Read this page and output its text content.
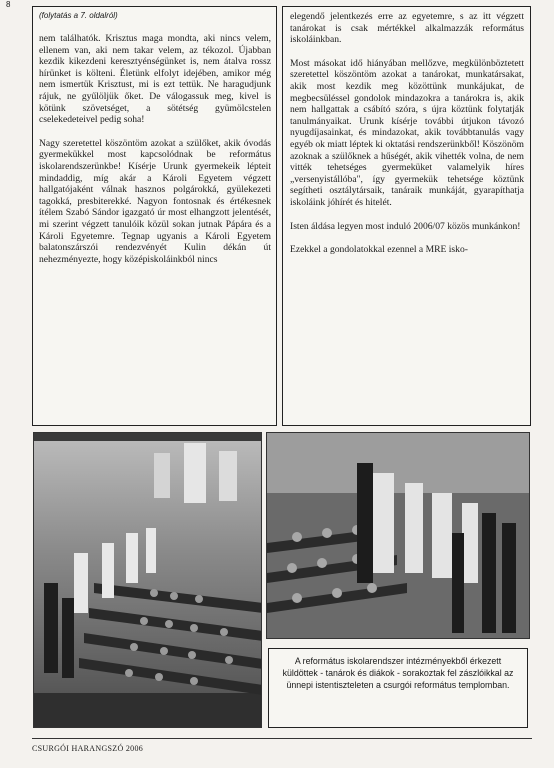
8
(folytatás a 7. oldalról)

nem találhatók. Krisztus maga mondta, aki nincs velem, ellenem van, aki nem takar velem, az tékozol. Újabban kezdik kikezdeni keresztyénségünket is, nem átalva rossz hírünket is költeni. Életünk elfolyt idejében, amikor még nem ismertük Krisztust, mi is ezt tettük. Ne haragudjunk rájuk, ne gyűlöljük őket. De válogassuk meg, kivel is kötünk szövetséget, a sötétség gyümölcstelen cselekedeteivel pedig soha!

Nagy szeretettel köszöntöm azokat a szülőket, akik óvodás gyermekükkel most kapcsolódnak be református iskolarendszerünkbe! Kísérje Urunk gyermekeik lépteit mindaddig, míg akár a Károli Egyetem végzett hallgatójaként válnak hasznos polgárokká, gyülekezeti tagokká, presbiterekké. Nagyon fontosnak és értékesnek ítélem Szabó Sándor igazgató úr most elhangzott jelentését, mi szerint végzett tanulóik közül sokan jutnak Pápára és a Károli Egyetemre. Tegnap ugyanis a Károli Egyetem balatonszárszói rendezvényét Kulin dékán út nehezményezte, hogy középiskoláinkból nincs

elegendő jelentkezés erre az egyetemre, s az itt végzett tanárokat is csak mértékkel alkalmazzák református iskoláinkban.

Most másokat idő hiányában mellőzve, megkülönböztetett szeretettel köszöntöm azokat a tanárokat, munkatársakat, akik most kezdik meg közöttünk munkájukat, de megbecsüléssel gondolok mindazokra a tanárokra is, akik nem hallgattak a csábító szóra, s újra köztünk folytatják tanulmányaikat. Urunk kísérje további útjukon távozó nyugdíjasainkat, és mindazokat, akik továbbtanulás vagy egyéb ok miatt léptek ki oktatási rendszerünkből! Köszönöm azoknak a szülőknek a hűségét, akik vihették volna, de nem vitték tehetséges gyermeküket valamelyik híres „versenyistállóba", így gyermekük tehetsége köztünk segítheti osztálytársaik, tanáraik munkáját, gyarapíthatja iskoláink jóhírét és hitelét.

Isten áldása legyen most induló 2006/07 közös munkánkon!

Ezekkel a gondolatokkal ezennel a MRE isko-

A református iskolarendszer intézményekből érkezett küldöttek - tanárok és diákok - sorakoztak fel zászlóikkal az ünnepi istentiszteleten a csurgói református templomban.
CSURGÓI HARANGSZÓ 2006
